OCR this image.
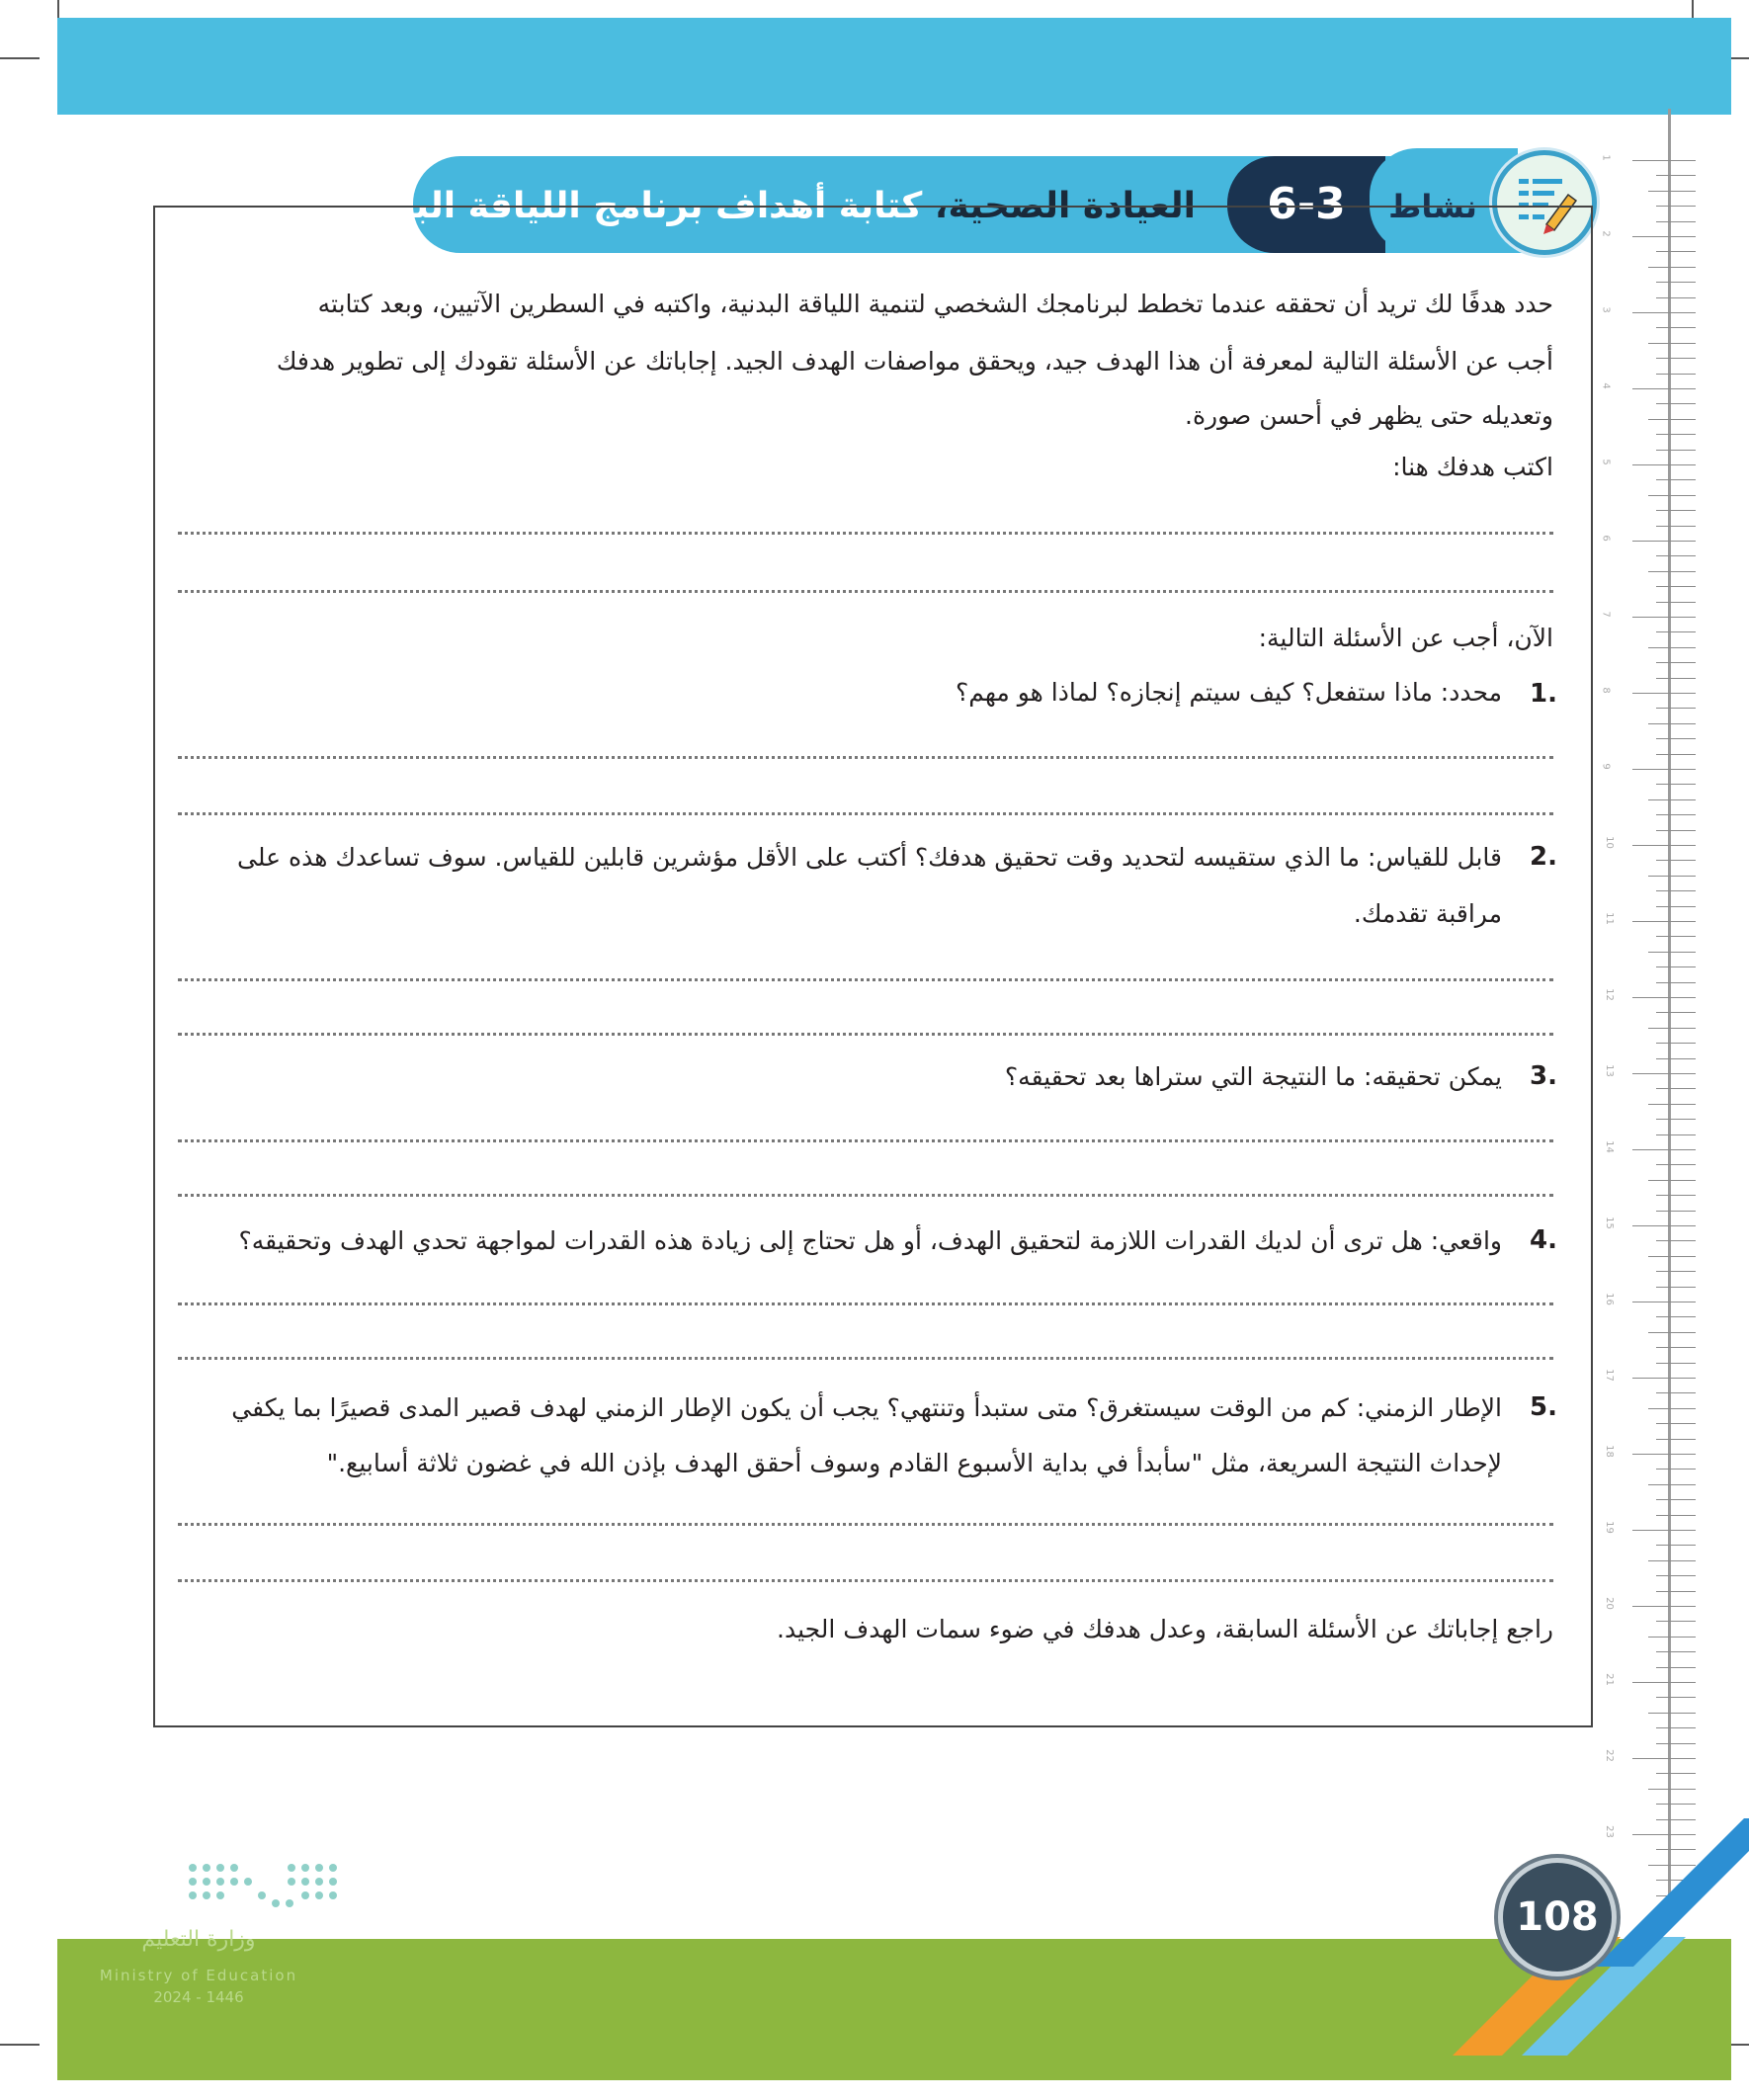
1
2
3
4
5
6
7
8
9
10
11
12
13
14
15
16
17
18
19
20
21
22
23
العيادة الصحية، كتابة أهداف برنامج اللياقة البدنية	6-3	نشاط
حدد هدفًا لك تريد أن تحققه عندما تخطط لبرنامجك الشخصي لتنمية اللياقة البدنية، واكتبه في السطرين الآتيين، وبعد كتابته
أجب عن الأسئلة التالية لمعرفة أن هذا الهدف جيد، ويحقق مواصفات الهدف الجيد. إجاباتك عن الأسئلة تقودك إلى تطوير هدفك
وتعديله حتى يظهر في أحسن صورة.
اكتب هدفك هنا:
الآن، أجب عن الأسئلة التالية:
1.
محدد: ماذا ستفعل؟ كيف سيتم إنجازه؟ لماذا هو مهم؟
2.
قابل للقياس: ما الذي ستقيسه لتحديد وقت تحقيق هدفك؟ أكتب على الأقل مؤشرين قابلين للقياس. سوف تساعدك هذه على
مراقبة تقدمك.
3.
يمكن تحقيقه: ما النتيجة التي ستراها بعد تحقيقه؟
4.
واقعي: هل ترى أن لديك القدرات اللازمة لتحقيق الهدف، أو هل تحتاج إلى زيادة هذه القدرات لمواجهة تحدي الهدف وتحقيقه؟
5.
الإطار الزمني: كم من الوقت سيستغرق؟ متى ستبدأ وتنتهي؟ يجب أن يكون الإطار الزمني لهدف قصير المدى قصيرًا بما يكفي
لإحداث النتيجة السريعة، مثل "سأبدأ في بداية الأسبوع القادم وسوف أحقق الهدف بإذن الله في غضون ثلاثة أسابيع."
راجع إجاباتك عن الأسئلة السابقة، وعدل هدفك في ضوء سمات الهدف الجيد.
108
وزارة التعليم
Ministry of Education
2024 - 1446
